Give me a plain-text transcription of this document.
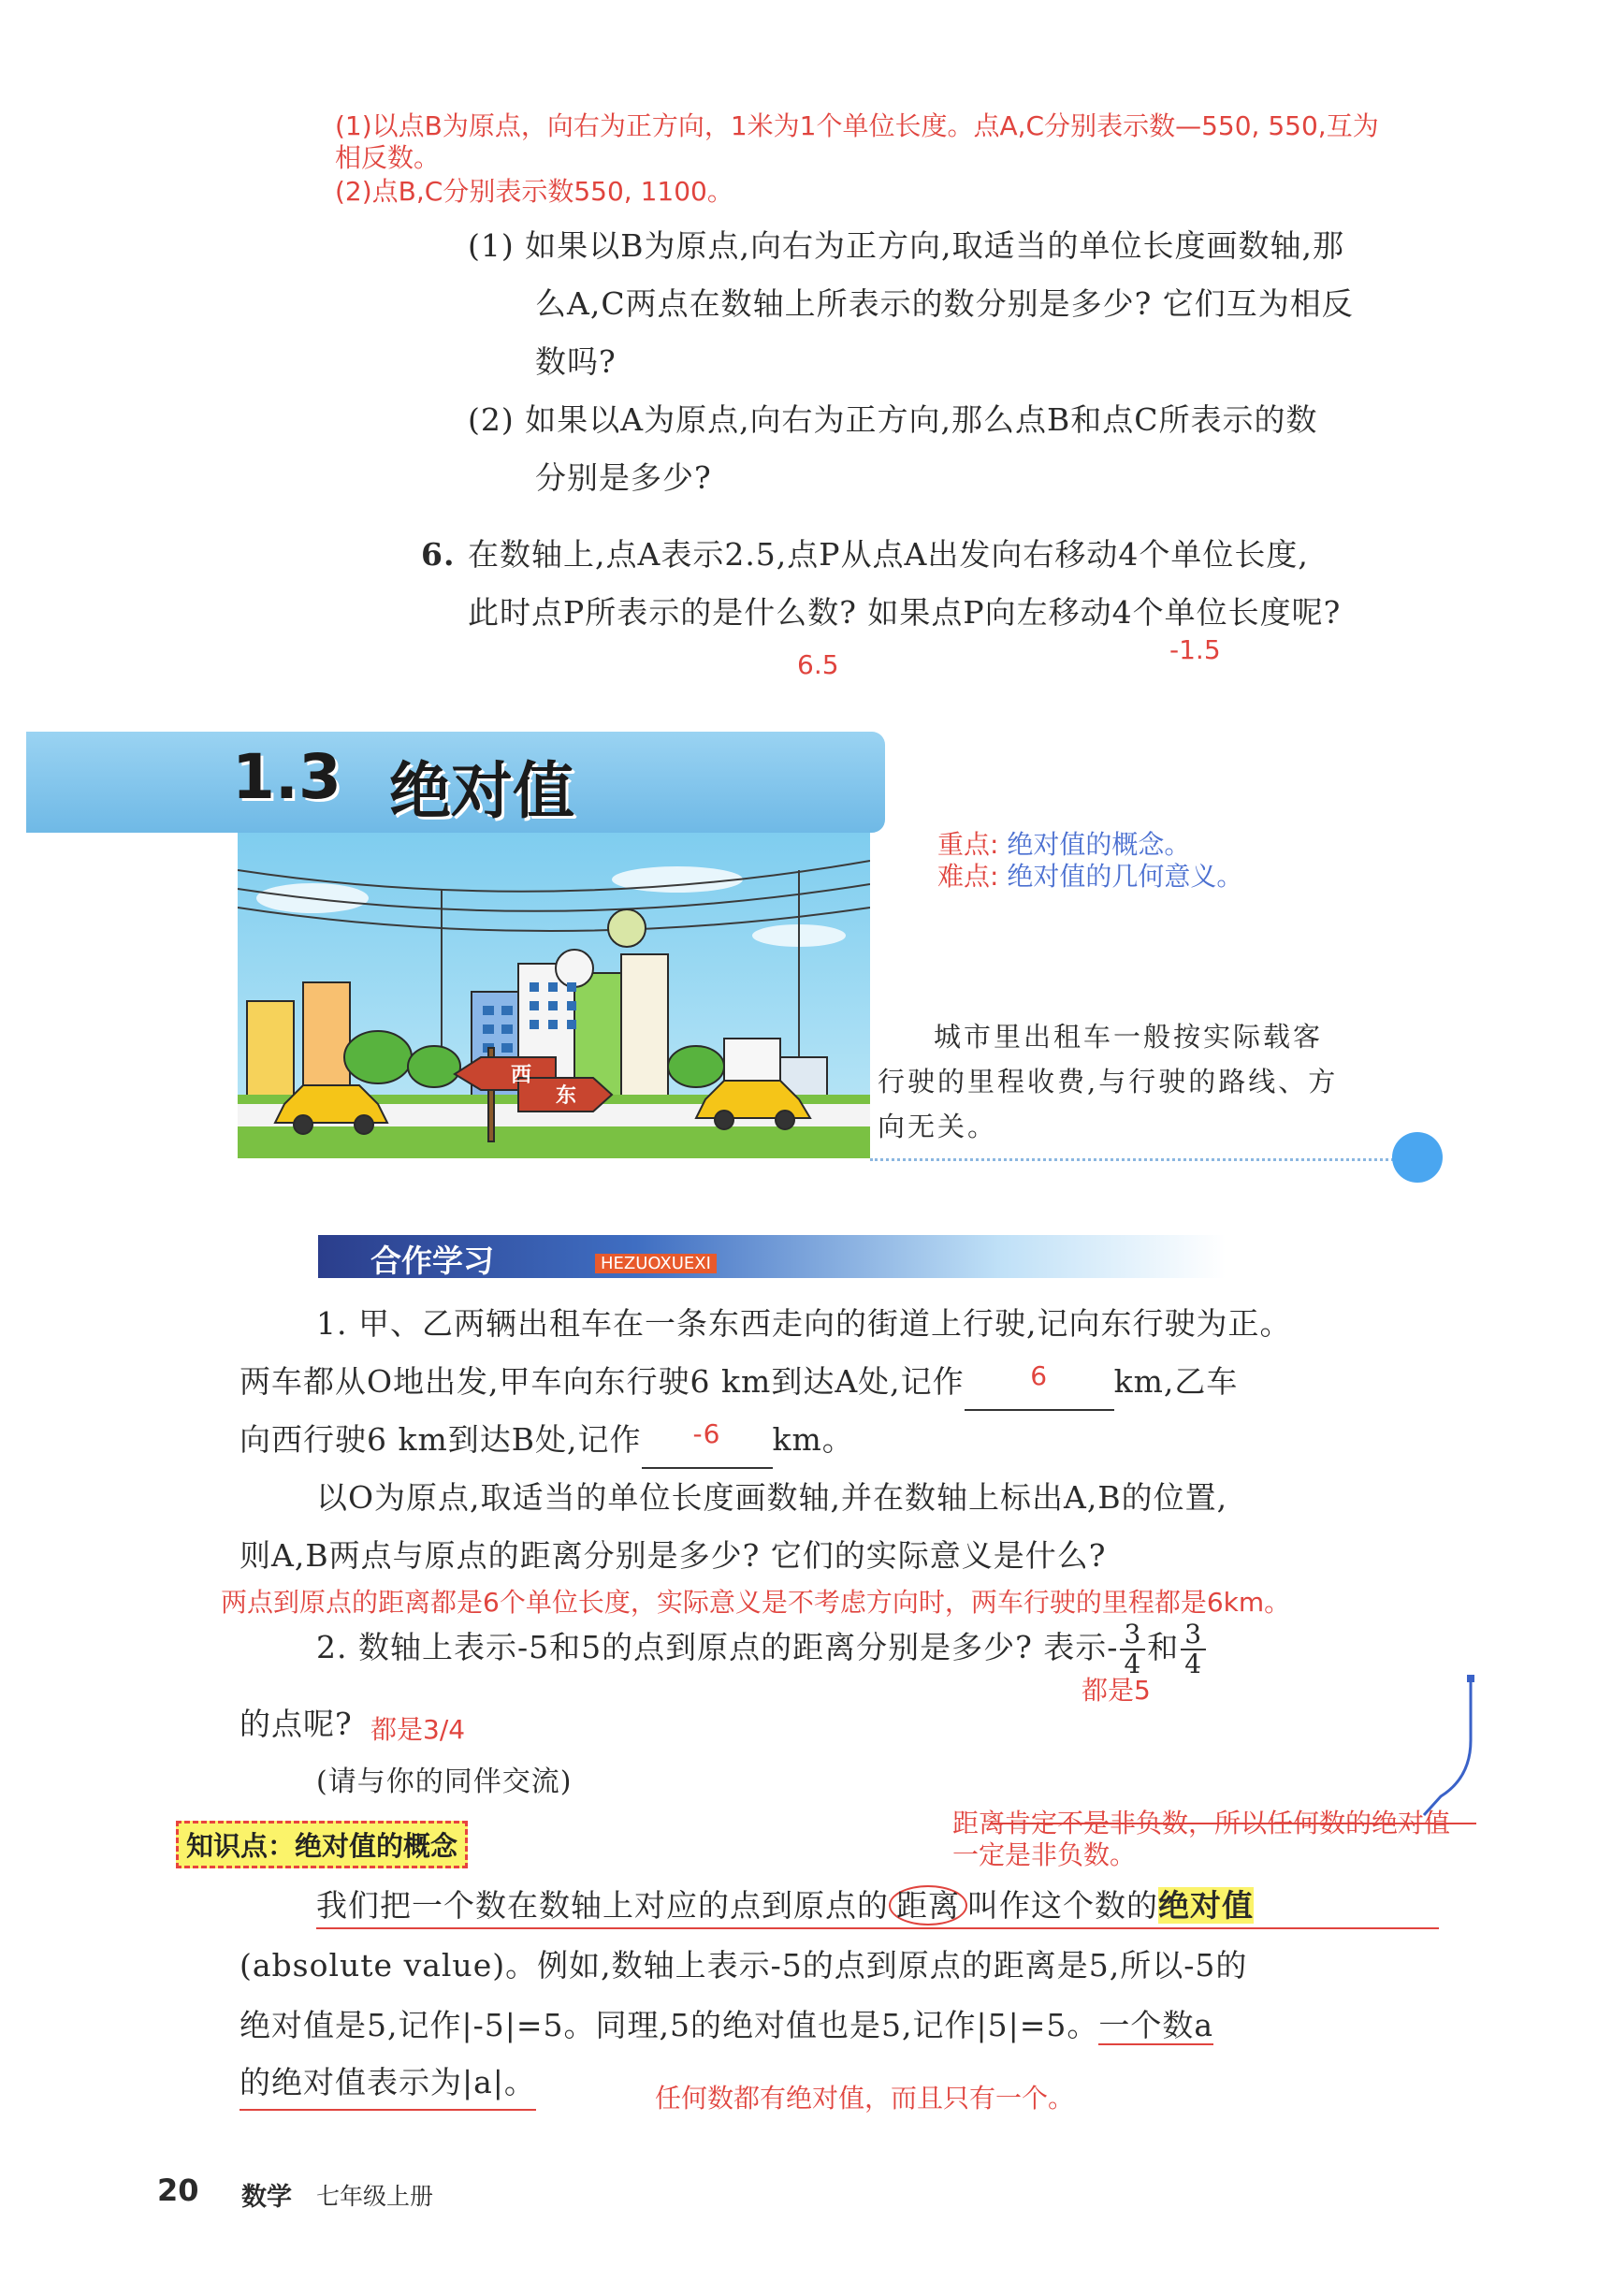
(1)以点B为原点，向右为正方向，1米为1个单位长度。点A,C分别表示数—550, 550,互为
相反数。
(2)点B,C分别表示数550, 1100。
(1) 如果以B为原点,向右为正方向,取适当的单位长度画数轴,那
么A,C两点在数轴上所表示的数分别是多少? 它们互为相反
数吗?
(2) 如果以A为原点,向右为正方向,那么点B和点C所表示的数
分别是多少?
6. 在数轴上,点A表示2.5,点P从点A出发向右移动4个单位长度,
此时点P所表示的是什么数? 如果点P向左移动4个单位长度呢?
6.5	-1.5
1.3 绝对值
重点: 绝对值的概念。
难点: 绝对值的几何意义。
西
东
城市里出租车一般按实际载客
行驶的里程收费,与行驶的路线、方
向无关。
合作学习	HEZUOXUEXI
1. 甲、乙两辆出租车在一条东西走向的街道上行驶,记向东行驶为正。
两车都从O地出发,甲车向东行驶6 km到达A处,记作	6	km,乙车
向西行驶6 km到达B处,记作	-6	km。
以O为原点,取适当的单位长度画数轴,并在数轴上标出A,B的位置,
则A,B两点与原点的距离分别是多少? 它们的实际意义是什么?
两点到原点的距离都是6个单位长度，实际意义是不考虑方向时，两车行驶的里程都是6km。
2. 数轴上表示-5和5的点到原点的距离分别是多少? 表示- $\frac{3}{4}$ 和 $\frac{3}{4}$
都是5
的点呢? 都是3/4
(请与你的同伴交流)
知识点：绝对值的概念
距离肯定不是非负数，所以任何数的绝对值
一定是非负数。
我们把一个数在数轴上对应的点到原点的 距离 叫作这个数的绝对值
(absolute value)。例如,数轴上表示-5的点到原点的距离是5,所以-5的
绝对值是5,记作|-5|=5。同理,5的绝对值也是5,记作|5|=5。一个数a
的绝对值表示为|a|。	任何数都有绝对值，而且只有一个。
20 数学 七年级上册
